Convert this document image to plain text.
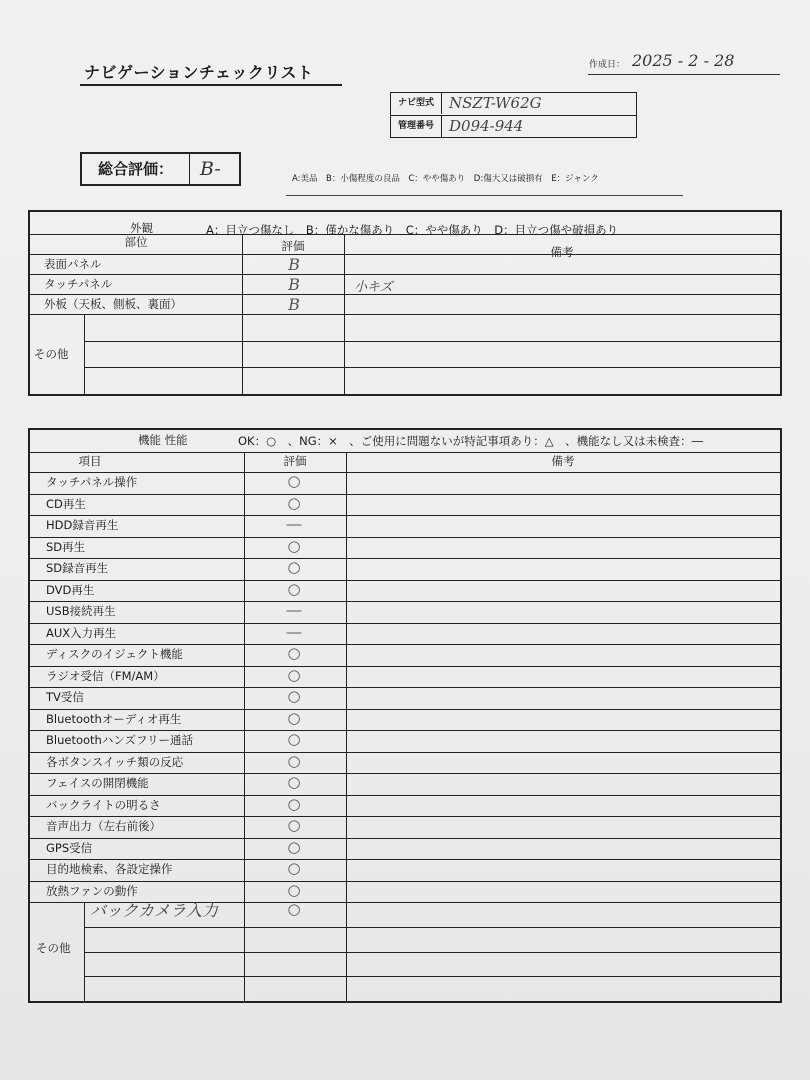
ナビゲーションチェックリスト	作成日： 2025 - 2 - 28
ナビ型式	NSZT-W62G
管理番号	D094-944
総合評価：	B-	A:美品　B：小傷程度の良品　C：やや傷あり　D:傷大又は破損有　E：ジャンク
外観	A：目立つ傷なし　B：僅かな傷あり　C：やや傷あり　D：目立つ傷や破損あり
部位	評価	備考
表面パネル	B
タッチパネル	B	小キズ
外板（天板、側板、裏面）	B
その他
機能 性能	OK：○　、NG：×　、ご使用に問題ないが特記事項あり：△　、機能なし又は未検査：―
項目	評価	備考
タッチパネル操作	○
CD再生	○
HDD録音再生	―
SD再生	○
SD録音再生	○
DVD再生	○
USB接続再生	―
AUX入力再生	―
ディスクのイジェクト機能	○
ラジオ受信（FM/AM）	○
TV受信	○
Bluetoothオーディオ再生	○
Bluetoothハンズフリー通話	○
各ボタンスイッチ類の反応	○
フェイスの開閉機能	○
バックライトの明るさ	○
音声出力（左右前後）	○
GPS受信	○
目的地検索、各設定操作	○
放熱ファンの動作	○
その他
バックカメラ入力	○
